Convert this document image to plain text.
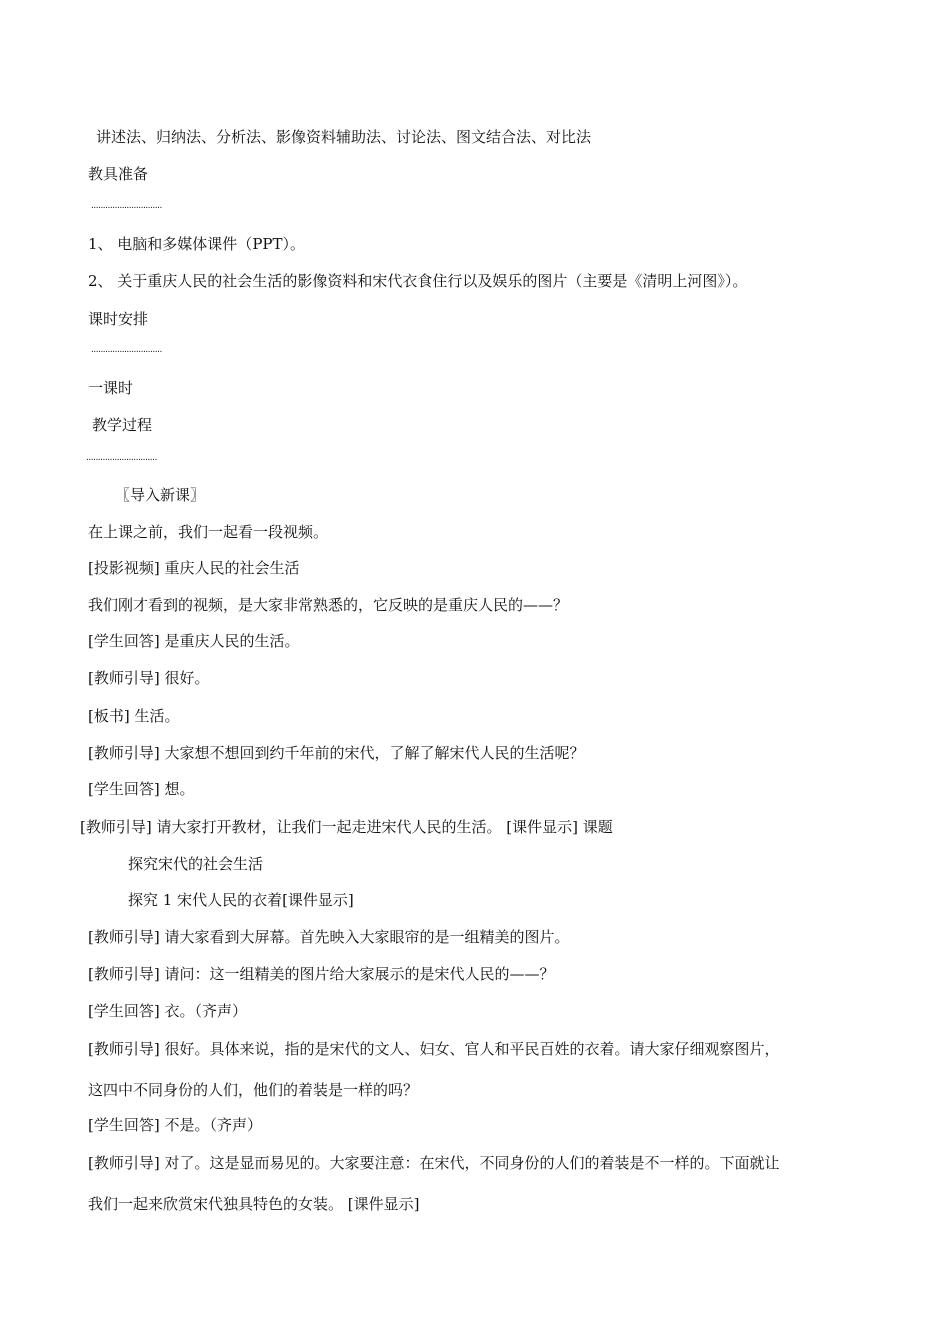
讲述法、归纳法、分析法、影像资料辅助法、讨论法、图文结合法、对比法

教具准备

..............................

1、 电脑和多媒体课件（PPT）。

2、 关于重庆人民的社会生活的影像资料和宋代衣食住行以及娱乐的图片（主要是《清明上河图》）。

课时安排

..............................

一课时

教学过程

..............................

〖导入新课〗

在上课之前，我们一起看一段视频。

[投影视频] 重庆人民的社会生活

我们刚才看到的视频，是大家非常熟悉的，它反映的是重庆人民的——？

[学生回答] 是重庆人民的生活。

[教师引导] 很好。

[板书] 生活。

[教师引导] 大家想不想回到约千年前的宋代，了解了解宋代人民的生活呢？

[学生回答] 想。

[教师引导] 请大家打开教材，让我们一起走进宋代人民的生活。 [课件显示] 课题

探究宋代的社会生活

探究 1 宋代人民的衣着[课件显示]

[教师引导] 请大家看到大屏幕。首先映入大家眼帘的是一组精美的图片。

[教师引导] 请问：这一组精美的图片给大家展示的是宋代人民的——？

[学生回答] 衣。（齐声）

[教师引导] 很好。具体来说，指的是宋代的文人、妇女、官人和平民百姓的衣着。请大家仔细观察图片，

这四中不同身份的人们，他们的着装是一样的吗？

[学生回答] 不是。（齐声）

[教师引导] 对了。这是显而易见的。大家要注意：在宋代，不同身份的人们的着装是不一样的。下面就让

我们一起来欣赏宋代独具特色的女装。 [课件显示]
